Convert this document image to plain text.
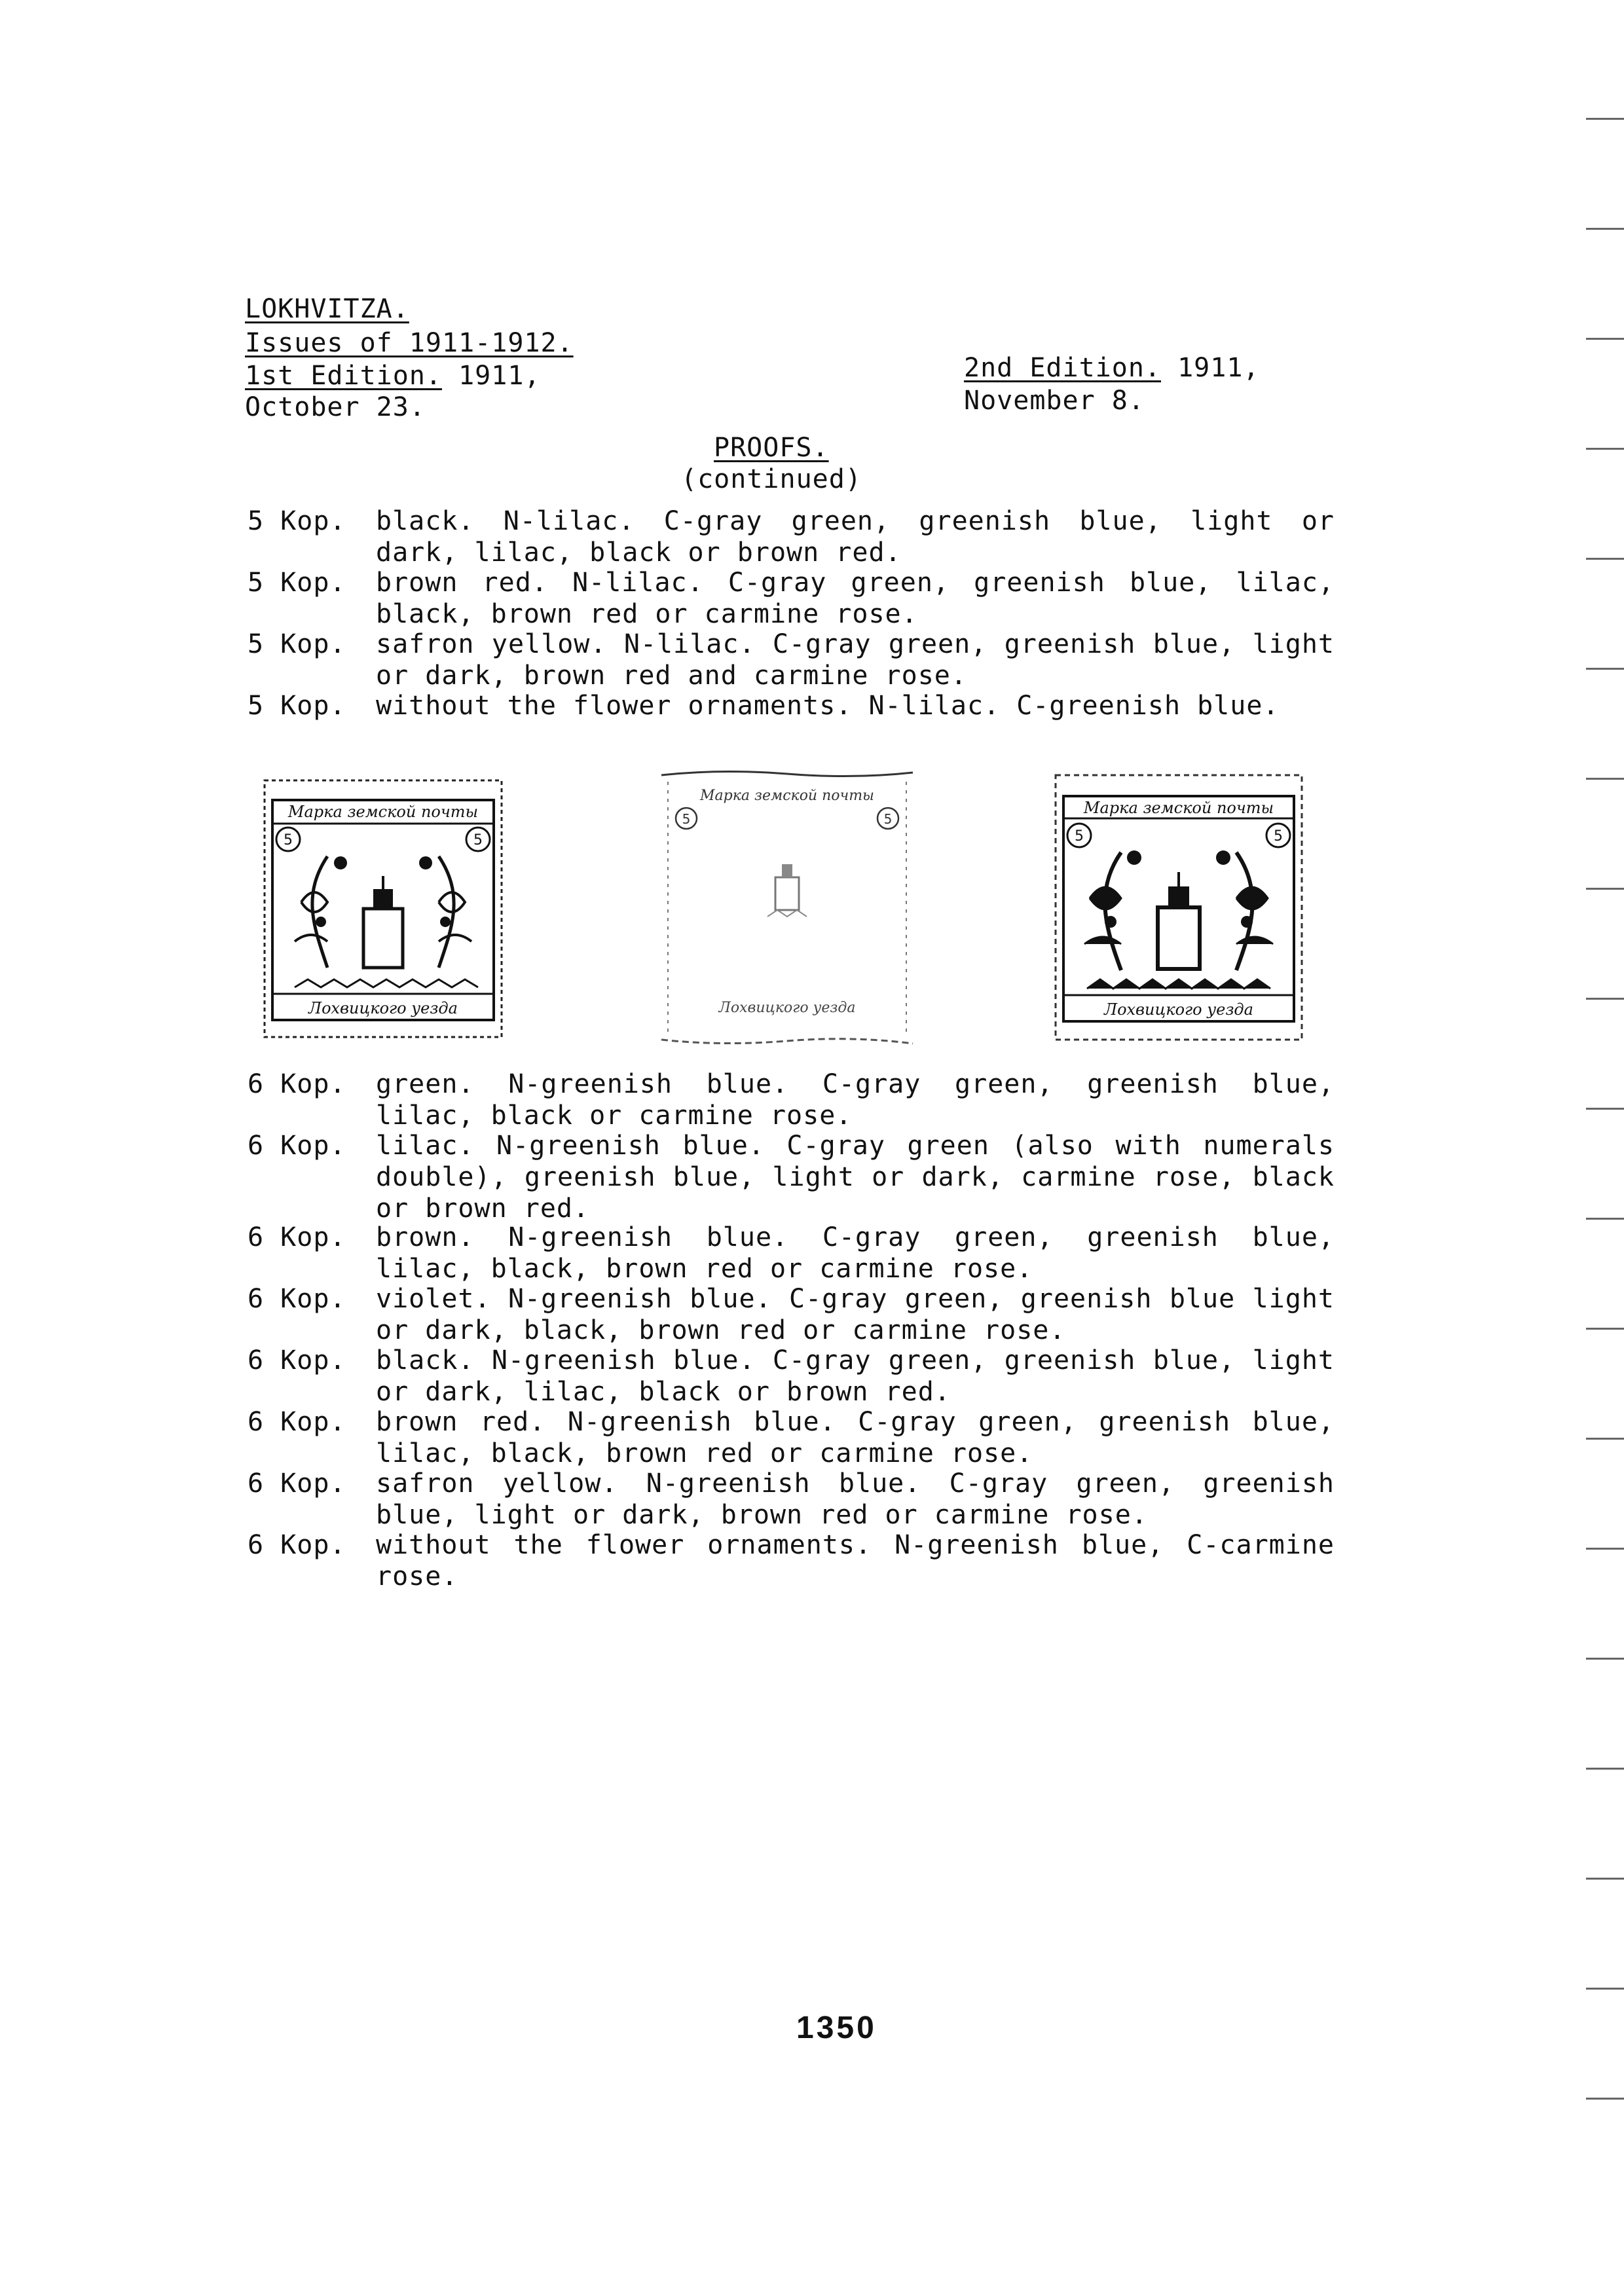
LOKHVITZA.
Issues of 1911-1912.
1st Edition. 1911,
October 23.
2nd Edition. 1911,
November 8.
PROOFS.
(continued)
5 Kop. black. N-lilac. C-gray green, greenish blue, light or dark, lilac, black or brown red.
5 Kop. brown red. N-lilac. C-gray green, greenish blue, lilac, black, brown red or carmine rose.
5 Kop. safron yellow. N-lilac. C-gray green, greenish blue, light or dark, brown red and carmine rose.
5 Kop. without the flower ornaments. N-lilac. C-greenish blue.
Марка земской почты
Лохвицкого уезда
5	5
Марка земской почты
Лохвицкого уезда
5	5
Марка земской почты
Лохвицкого уезда
5	5
6 Kop. green. N-greenish blue. C-gray green, greenish blue, lilac, black or carmine rose.
6 Kop. lilac. N-greenish blue. C-gray green (also with numerals double), greenish blue, light or dark, carmine rose, black or brown red.
6 Kop. brown. N-greenish blue. C-gray green, greenish blue, lilac, black, brown red or carmine rose.
6 Kop. violet. N-greenish blue. C-gray green, greenish blue light or dark, black, brown red or carmine rose.
6 Kop. black. N-greenish blue. C-gray green, greenish blue, light or dark, lilac, black or brown red.
6 Kop. brown red. N-greenish blue. C-gray green, greenish blue, lilac, black, brown red or carmine rose.
6 Kop. safron yellow. N-greenish blue. C-gray green, greenish blue, light or dark, brown red or carmine rose.
6 Kop. without the flower ornaments. N-greenish blue, C-carmine rose.
1350
